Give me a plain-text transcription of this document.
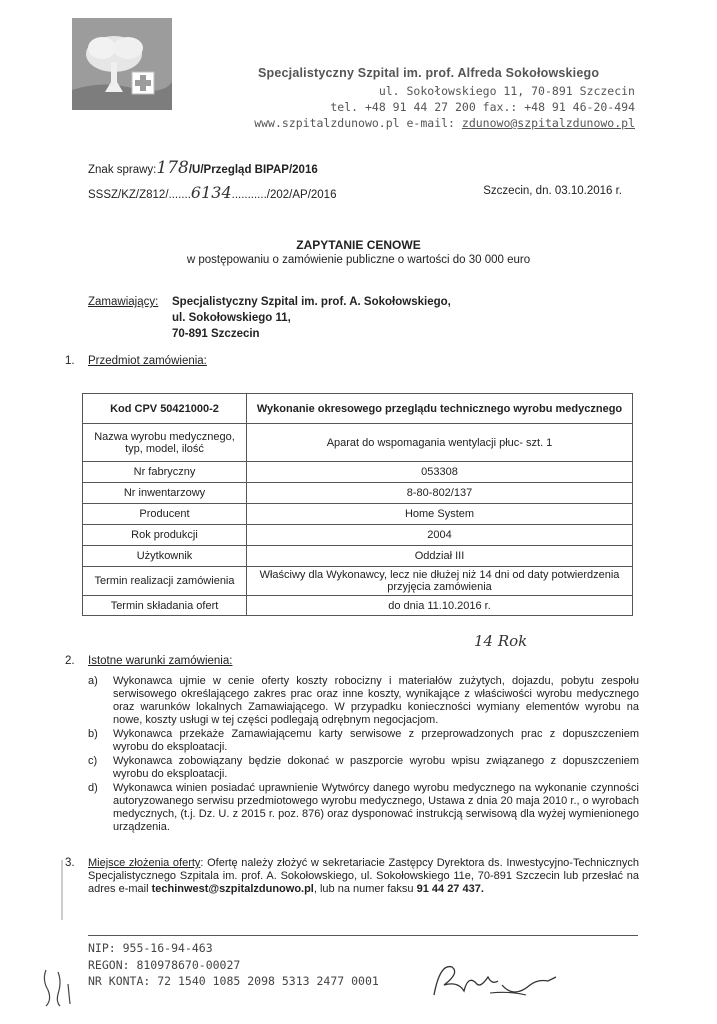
Specjalistyczny Szpital im. prof. Alfreda Sokołowskiego
ul. Sokołowskiego 11, 70-891 Szczecin
tel. +48 91 44 27 200 fax.: +48 91 46-20-494
www.szpitalzdunowo.pl e-mail: zdunowo@szpitalzdunowo.pl
Znak sprawy:178/U/Przegląd BIPAP/2016
SSSZ/KZ/Z812/.......6134.........../202/AP/2016	Szczecin, dn. 03.10.2016 r.
ZAPYTANIE CENOWE
w postępowaniu o zamówienie publiczne o wartości do 30 000 euro
Zamawiający: Specjalistyczny Szpital im. prof. A. Sokołowskiego,
ul. Sokołowskiego 11,
70-891 Szczecin
1. Przedmiot zamówienia:
Kod CPV 50421000-2	Wykonanie okresowego przeglądu technicznego wyrobu medycznego
Nazwa wyrobu medycznego, typ, model, ilość	Aparat do wspomagania wentylacji płuc- szt. 1
Nr fabryczny	053308
Nr inwentarzowy	8-80-802/137
Producent	Home System
Rok produkcji	2004
Użytkownik	Oddział III
Termin realizacji zamówienia	Właściwy dla Wykonawcy, lecz nie dłużej niż 14 dni od daty potwierdzenia przyjęcia zamówienia
Termin składania ofert	do dnia 11.10.2016 r.
14 Rok
2. Istotne warunki zamówienia:
a) Wykonawca ujmie w cenie oferty koszty robocizny i materiałów zużytych, dojazdu, pobytu zespołu serwisowego określającego zakres prac oraz inne koszty, wynikające z właściwości wyrobu medycznego oraz warunków lokalnych Zamawiającego. W przypadku konieczności wymiany elementów wyrobu na nowe, koszty usługi w tej części podlegają odrębnym negocjacjom.
b) Wykonawca przekaże Zamawiającemu karty serwisowe z przeprowadzonych prac z dopuszczeniem wyrobu do eksploatacji.
c) Wykonawca zobowiązany będzie dokonać w paszporcie wyrobu wpisu związanego z dopuszczeniem wyrobu do eksploatacji.
d) Wykonawca winien posiadać uprawnienie Wytwórcy danego wyrobu medycznego na wykonanie czynności autoryzowanego serwisu przedmiotowego wyrobu medycznego, Ustawa z dnia 20 maja 2010 r., o wyrobach medycznych, (t.j. Dz. U. z 2015 r. poz. 876) oraz dysponować instrukcją serwisową dla wyżej wymienionego urządzenia.
3. Miejsce złożenia oferty: Ofertę należy złożyć w sekretariacie Zastępcy Dyrektora ds. Inwestycyjno-Technicznych Specjalistycznego Szpitala im. prof. A. Sokołowskiego, ul. Sokołowskiego 11e, 70-891 Szczecin lub przesłać na adres e-mail techinwest@szpitalzdunowo.pl, lub na numer faksu 91 44 27 437.
NIP: 955-16-94-463
REGON: 810978670-00027
NR KONTA: 72 1540 1085 2098 5313 2477 0001
